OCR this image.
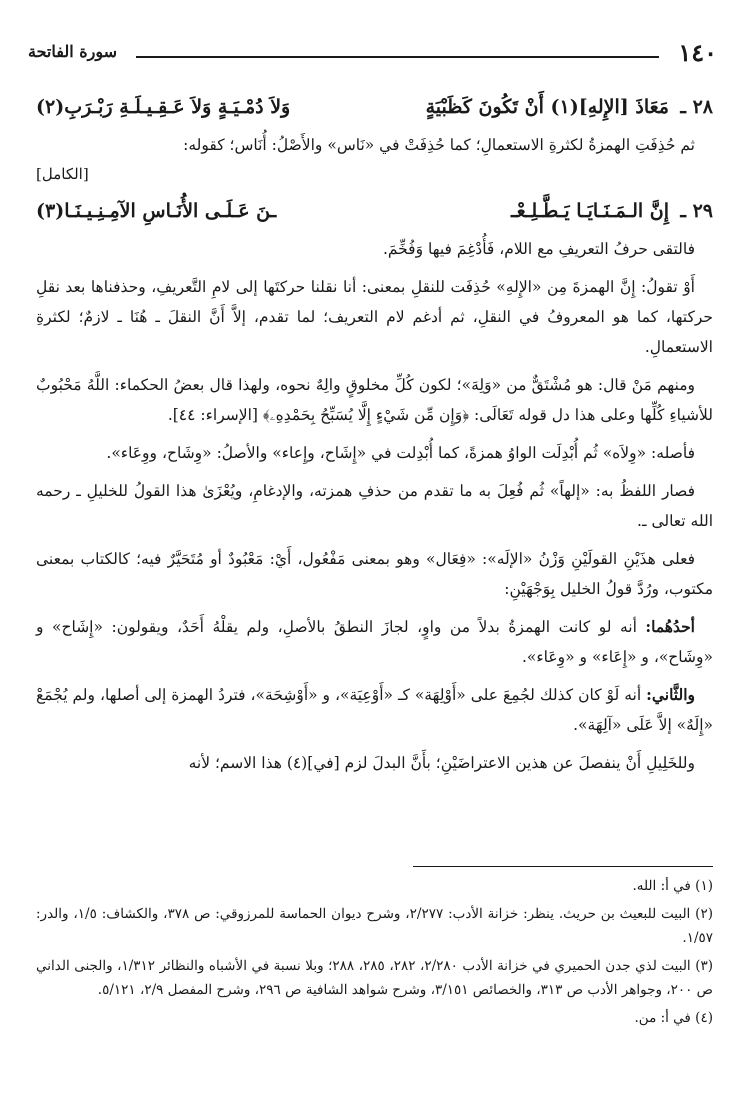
١٤٠
سورة الفاتحة
٢٨ ـ
مَعَاذَ [الإِلهِ](١) أَنْ تَكُونَ كَظَبْيَةٍ
وَلاَ دُمْـيَـةٍ وَلاَ عَـقِـيـلَـةِ رَبْـرَبِ(٢)

ثم حُذِفَتِ الهمزةُ لكثرةِ الاستعمالِ؛ كما حُذِفَتْ في «نَاس» والأَصْلُ: أُنَاس؛ كقوله:

[الكامل]
٢٩ ـ
إِنَّ الـمَـنَـايَـا يَـطَّـلِـعْـ
ـنَ عَـلَـى الأُنَـاسِ الآمِـنِـيـنَـا(٣)

فالتقى حرفُ التعريفِ مع اللام، فَأُدْغِمَ فيها وَفُخِّمَ.

أَوْ تقولُ: إِنَّ الهمزةَ مِن «الإِلهِ» حُذِفَت للنقلِ بمعنى: أنا نقلنا حركتَها إلى لامِ التَّعريفِ، وحذفناها بعد نقلِ حركتها، كما هو المعروفُ في النقلِ، ثم أدغم لام التعريف؛ لما تقدم، إلاَّ أَنَّ النقلَ ـ هُنَا ـ لازمٌ؛ لكثرةِ الاستعمالِ.

ومنهم مَنْ قال: هو مُشْتَقٌّ من «وَلِهَ»؛ لكون كُلِّ مخلوقٍ والِهٌ نحوه، ولهذا قال بعضُ الحكماء: اللَّهُ مَحْبُوبٌ للأشياءِ كُلِّها وعلى هذا دل قوله تَعَالَى: ﴿وَإِن مِّن شَيْءٍ إِلَّا يُسَبِّحُ بِحَمْدِهِۦ﴾ [الإسراء: ٤٤].

فأصله: «وِلاَه» ثُم أُبْدِلَت الواوُ همزةً، كما أُبْدِلت في «إِشَاح، وإِعاء» والأصلُ: «وِشَاح، ووِعَاء».

فصار اللفظُ به: «إلهاً» ثُم فُعِلَ به ما تقدم من حذفِ همزته، والإدغامِ، ويُعْزَىٰ هذا القولُ للخليلِ ـ رحمه الله تعالى ـ.

فعلى هذَيْنِ القولَيْنِ وَزْنُ «الإلَه»: «فِعَال» وهو بمعنى مَفْعُول، أَيْ: مَعْبُودٌ أو مُتَحَيَّرٌ فيه؛ كالكتاب بمعنى مكتوب، ورُدَّ قولُ الخليل بِوَجْهَيْنِ:

أحدُهُما: أنه لو كانت الهمزةُ بدلاً من واوٍ، لجازَ النطقُ بالأصلِ، ولم يقلْهُ أَحَدٌ، ويقولون: «إِشَاح» و «وِشَاح»، و «إِعَاء» و «وِعَاء».

والثَّاني: أنه لَوْ كان كذلك لجُمِعَ على «أَوْلِهَة» كـ «أَوْعِيَة»، و «أَوْشِحَة»، فتردُ الهمزة إلى أصلها، ولم يُجْمَعْ «إِلَهٌ» إلاَّ عَلَى «آلِهَة».

وللخَلِيلِ أَنْ ينفصلَ عن هذين الاعتراضَيْنِ؛ بأَنَّ البدلَ لزم [في](٤) هذا الاسم؛ لأنه

(١) في أ: الله.

(٢) البيت للبعيث بن حريث. ينظر: خزانة الأدب: ٢/٢٧٧، وشرح ديوان الحماسة للمرزوقي: ص ٣٧٨، والكشاف: ١/٥، والدر: ١/٥٧.

(٣) البيت لذي جدن الحميري في خزانة الأدب ٢/٢٨٠، ٢٨٢، ٢٨٥، ٢٨٨؛ وبلا نسبة في الأشباه والنظائر ١/٣١٢، والجنى الداني ص ٢٠٠، وجواهر الأدب ص ٣١٣، والخصائص ٣/١٥١، وشرح شواهد الشافية ص ٢٩٦، وشرح المفصل ٢/٩، ٥/١٢١.

(٤) في أ: من.
